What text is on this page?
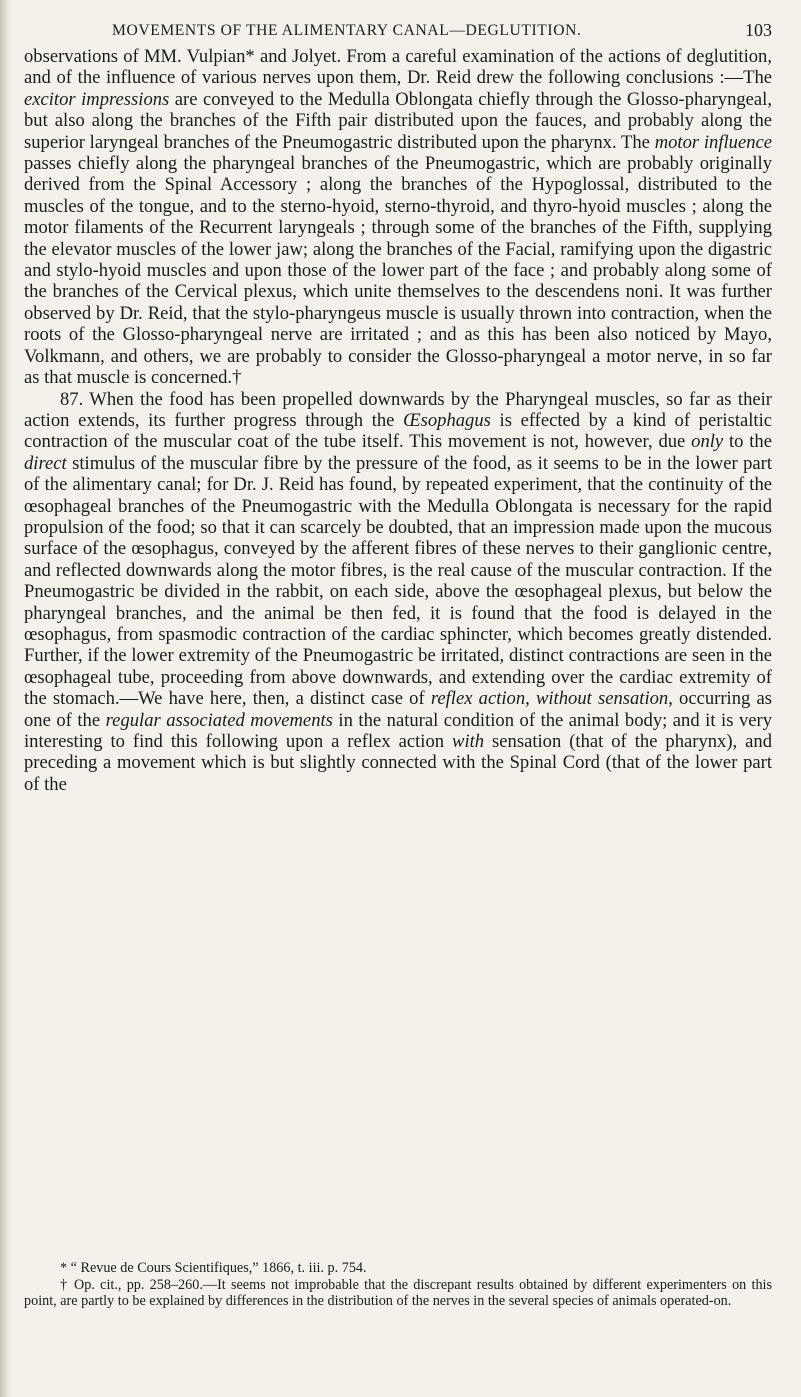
MOVEMENTS OF THE ALIMENTARY CANAL—DEGLUTITION.	103

observations of MM. Vulpian* and Jolyet. From a careful examination of the actions of deglutition, and of the influence of various nerves upon them, Dr. Reid drew the following conclusions :—The excitor impressions are conveyed to the Medulla Oblongata chiefly through the Glosso-pharyngeal, but also along the branches of the Fifth pair distributed upon the fauces, and probably along the superior laryngeal branches of the Pneumogastric distributed upon the pharynx. The motor influence passes chiefly along the pharyngeal branches of the Pneumogastric, which are probably originally derived from the Spinal Accessory ; along the branches of the Hypoglossal, distributed to the muscles of the tongue, and to the sterno-hyoid, sterno-thyroid, and thyro-hyoid muscles ; along the motor filaments of the Recurrent laryngeals ; through some of the branches of the Fifth, supplying the elevator muscles of the lower jaw; along the branches of the Facial, ramifying upon the digastric and stylo-hyoid muscles and upon those of the lower part of the face ; and probably along some of the branches of the Cervical plexus, which unite themselves to the descendens noni. It was further observed by Dr. Reid, that the stylo-pharyngeus muscle is usually thrown into contraction, when the roots of the Glosso-pharyngeal nerve are irritated ; and as this has been also noticed by Mayo, Volkmann, and others, we are probably to consider the Glosso-pharyngeal a motor nerve, in so far as that muscle is concerned.†

87. When the food has been propelled downwards by the Pharyngeal muscles, so far as their action extends, its further progress through the Œsophagus is effected by a kind of peristaltic contraction of the muscular coat of the tube itself. This movement is not, however, due only to the direct stimulus of the muscular fibre by the pressure of the food, as it seems to be in the lower part of the alimentary canal; for Dr. J. Reid has found, by repeated experiment, that the continuity of the œsophageal branches of the Pneumogastric with the Medulla Oblongata is necessary for the rapid propulsion of the food; so that it can scarcely be doubted, that an impression made upon the mucous surface of the œsophagus, conveyed by the afferent fibres of these nerves to their ganglionic centre, and reflected downwards along the motor fibres, is the real cause of the muscular contraction. If the Pneumogastric be divided in the rabbit, on each side, above the œsophageal plexus, but below the pharyngeal branches, and the animal be then fed, it is found that the food is delayed in the œsophagus, from spasmodic contraction of the cardiac sphincter, which becomes greatly distended. Further, if the lower extremity of the Pneumogastric be irritated, distinct contractions are seen in the œsophageal tube, proceeding from above downwards, and extending over the cardiac extremity of the stomach.—We have here, then, a distinct case of reflex action, without sensation, occurring as one of the regular associated movements in the natural condition of the animal body; and it is very interesting to find this following upon a reflex action with sensation (that of the pharynx), and preceding a movement which is but slightly connected with the Spinal Cord (that of the lower part of the

* “ Revue de Cours Scientifiques,” 1866, t. iii. p. 754.

† Op. cit., pp. 258–260.—It seems not improbable that the discrepant results obtained by different experimenters on this point, are partly to be explained by differences in the distribution of the nerves in the several species of animals operated-on.
